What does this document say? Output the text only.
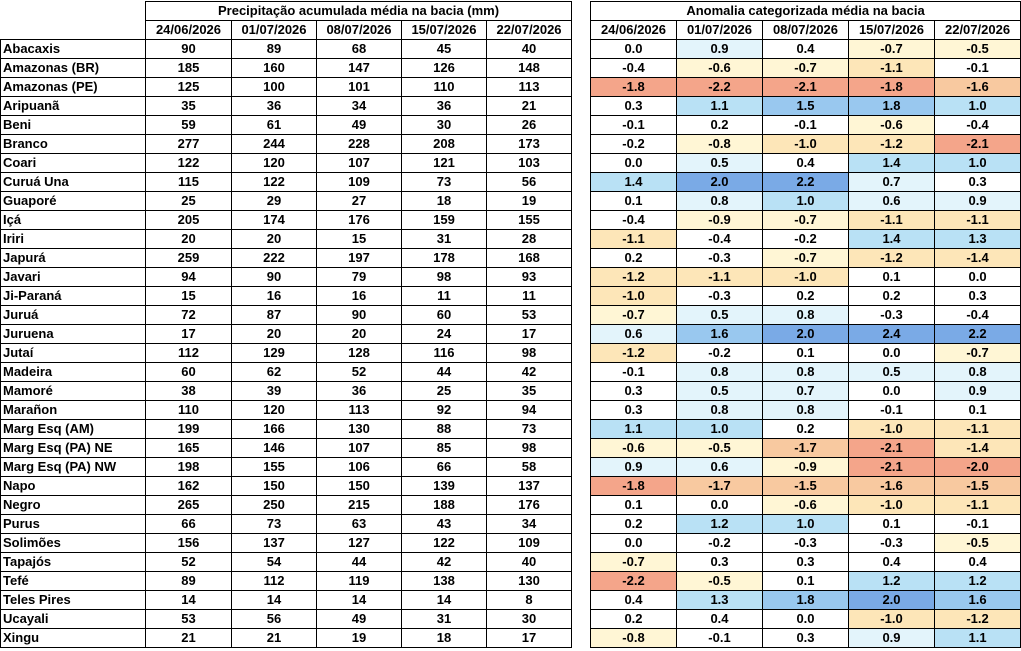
	Precipitação acumulada média na bacia (mm)				
	24/06/2026	01/07/2026	08/07/2026	15/07/2026	22/07/2026
Abacaxis	90	89	68	45	40
Amazonas (BR)	185	160	147	126	148
Amazonas (PE)	125	100	101	110	113
Aripuanã	35	36	34	36	21
Beni	59	61	49	30	26
Branco	277	244	228	208	173
Coari	122	120	107	121	103
Curuá Una	115	122	109	73	56
Guaporé	25	29	27	18	19
Içá	205	174	176	159	155
Iriri	20	20	15	31	28
Japurá	259	222	197	178	168
Javari	94	90	79	98	93
Ji-Paraná	15	16	16	11	11
Juruá	72	87	90	60	53
Juruena	17	20	20	24	17
Jutaí	112	129	128	116	98
Madeira	60	62	52	44	42
Mamoré	38	39	36	25	35
Marañon	110	120	113	92	94
Marg Esq (AM)	199	166	130	88	73
Marg Esq (PA) NE	165	146	107	85	98
Marg Esq (PA) NW	198	155	106	66	58
Napo	162	150	150	139	137
Negro	265	250	215	188	176
Purus	66	73	63	43	34
Solimões	156	137	127	122	109
Tapajós	52	54	44	42	40
Tefé	89	112	119	138	130
Teles Pires	14	14	14	14	8
Ucayali	53	56	49	31	30
Xingu	21	21	19	18	17
Anomalia categorizada média na bacia				
24/06/2026	01/07/2026	08/07/2026	15/07/2026	22/07/2026
0.0	0.9	0.4	-0.7	-0.5
-0.4	-0.6	-0.7	-1.1	-0.1
-1.8	-2.2	-2.1	-1.8	-1.6
0.3	1.1	1.5	1.8	1.0
-0.1	0.2	-0.1	-0.6	-0.4
-0.2	-0.8	-1.0	-1.2	-2.1
0.0	0.5	0.4	1.4	1.0
1.4	2.0	2.2	0.7	0.3
0.1	0.8	1.0	0.6	0.9
-0.4	-0.9	-0.7	-1.1	-1.1
-1.1	-0.4	-0.2	1.4	1.3
0.2	-0.3	-0.7	-1.2	-1.4
-1.2	-1.1	-1.0	0.1	0.0
-1.0	-0.3	0.2	0.2	0.3
-0.7	0.5	0.8	-0.3	-0.4
0.6	1.6	2.0	2.4	2.2
-1.2	-0.2	0.1	0.0	-0.7
-0.1	0.8	0.8	0.5	0.8
0.3	0.5	0.7	0.0	0.9
0.3	0.8	0.8	-0.1	0.1
1.1	1.0	0.2	-1.0	-1.1
-0.6	-0.5	-1.7	-2.1	-1.4
0.9	0.6	-0.9	-2.1	-2.0
-1.8	-1.7	-1.5	-1.6	-1.5
0.1	0.0	-0.6	-1.0	-1.1
0.2	1.2	1.0	0.1	-0.1
0.0	-0.2	-0.3	-0.3	-0.5
-0.7	0.3	0.3	0.4	0.4
-2.2	-0.5	0.1	1.2	1.2
0.4	1.3	1.8	2.0	1.6
0.2	0.4	0.0	-1.0	-1.2
-0.8	-0.1	0.3	0.9	1.1
